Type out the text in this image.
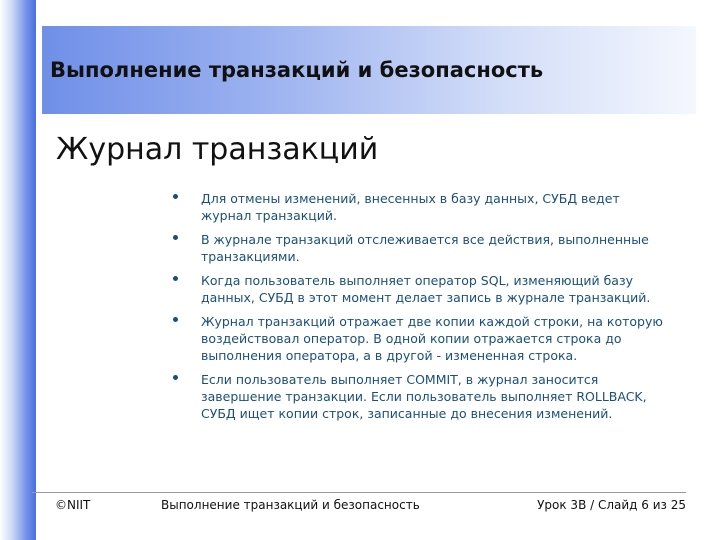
Выполнение транзакций и безопасность
Журнал транзакций
Для отмены изменений, внесенных в базу данных, СУБД ведет журнал транзакций.
В журнале транзакций отслеживается все действия, выполненные транзакциями.
Когда пользователь выполняет оператор SQL, изменяющий базу данных, СУБД в этот момент делает запись в журнале транзакций.
Журнал транзакций отражает две копии каждой строки, на которую воздействовал оператор. В одной копии отражается строка до выполнения оператора, а в другой - измененная строка.
Если пользователь выполняет COMMIT, в журнал заносится завершение транзакции. Если пользователь выполняет ROLLBACK, СУБД ищет копии строк, записанные до внесения изменений.
©NIIT	Выполнение транзакций и безопасность	Урок 3B / Слайд 6 из 25
